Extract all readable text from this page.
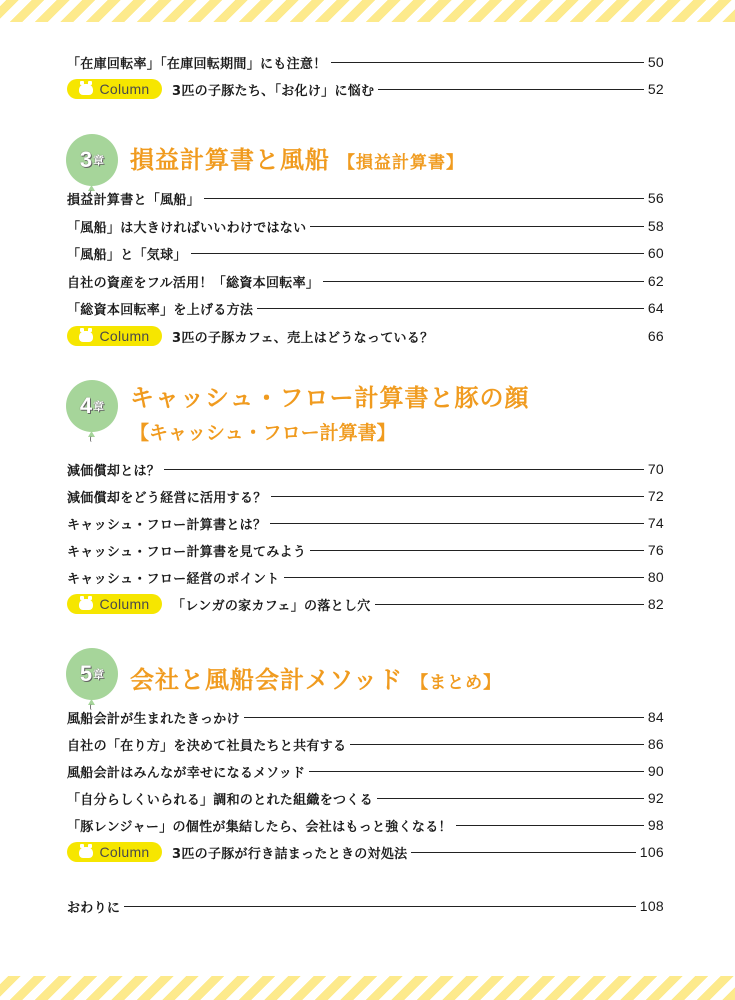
「在庫回転率」「在庫回転期間」にも注意！	50
Column 3匹の子豚たち、「お化け」に悩む	52
3 章 損益計算書と風船 【損益計算書】
損益計算書と「風船」	56
「風船」は大きければいいわけではない	58
「風船」と「気球」	60
自社の資産をフル活用！「総資本回転率」	62
「総資本回転率」を上げる方法	64
Column 3匹の子豚カフェ、売上はどうなっている？	66
4 章 キャッシュ・フロー計算書と豚の顔
【キャッシュ・フロー計算書】
減価償却とは？	70
減価償却をどう経営に活用する？	72
キャッシュ・フロー計算書とは？	74
キャッシュ・フロー計算書を見てみよう	76
キャッシュ・フロー経営のポイント	80
Column 「レンガの家カフェ」の落とし穴	82
5 章 会社と風船会計メソッド 【まとめ】
風船会計が生まれたきっかけ	84
自社の「在り方」を決めて社員たちと共有する	86
風船会計はみんなが幸せになるメソッド	90
「自分らしくいられる」調和のとれた組織をつくる	92
「豚レンジャー」の個性が集結したら、会社はもっと強くなる！	98
Column 3匹の子豚が行き詰まったときの対処法	106
おわりに	108
